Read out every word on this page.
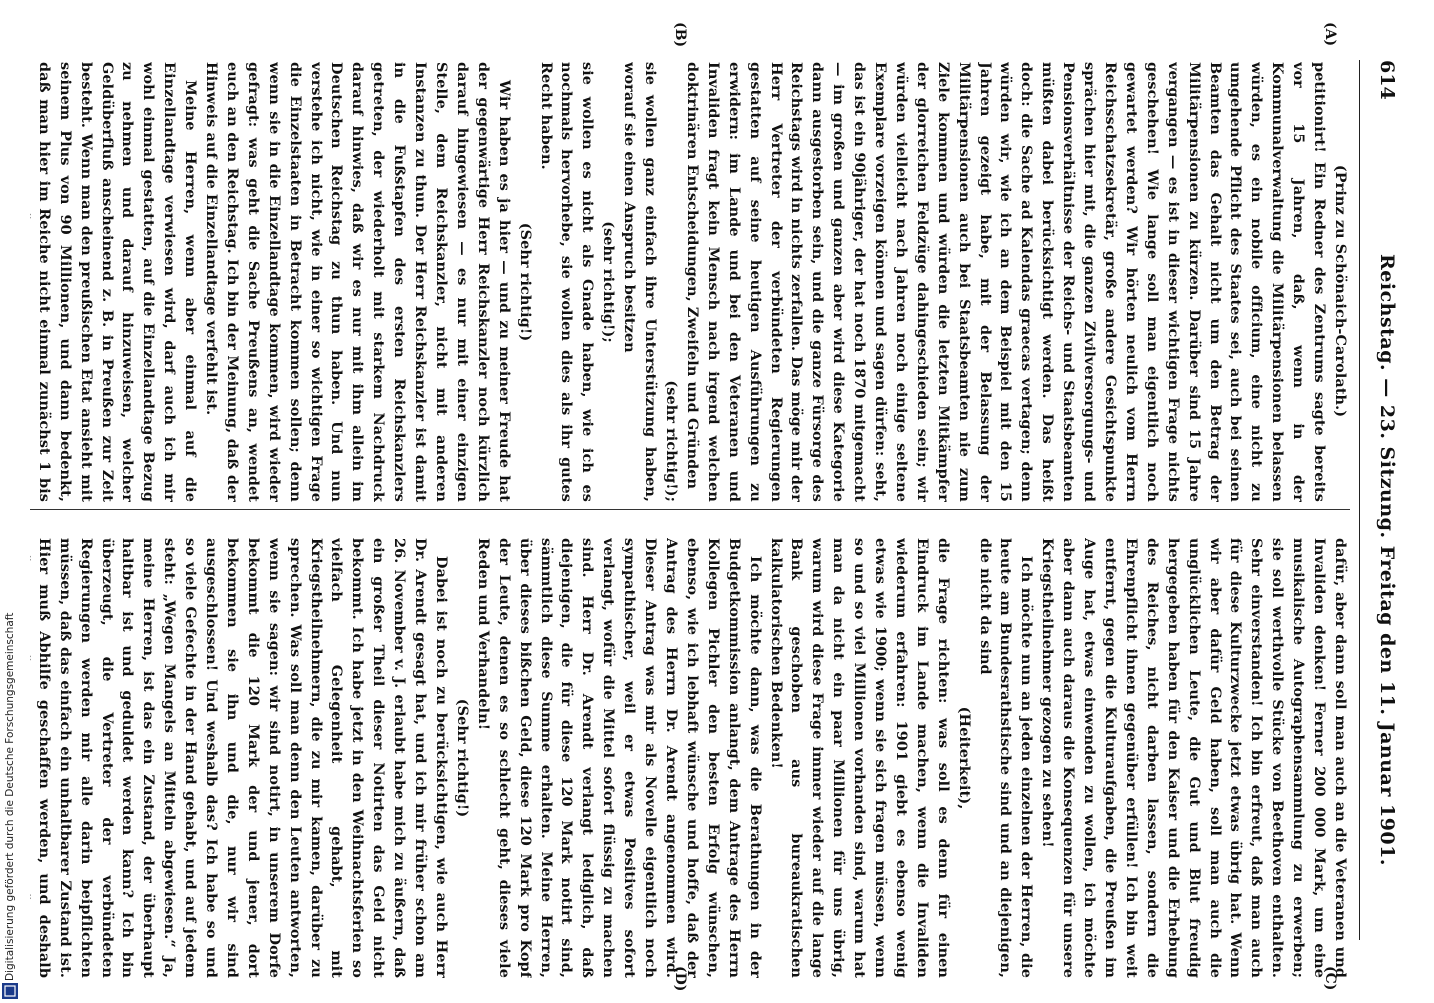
614
Reichstag. — 23. Sitzung. Freitag den 11. Januar 1901.
(A)
(B)
(C)
(D)

(Prinz zu Schönaich-Carolath.)

petitionirt! Ein Redner des Zentrums sagte bereits vor 15 Jahren, daß, wenn in der Kommunalverwaltung die Militärpensionen belassen würden, es ein nobile officium, eine nicht zu umgehende Pflicht des Staates sei, auch bei seinen Beamten das Gehalt nicht um den Betrag der Militärpensionen zu kürzen. Darüber sind 15 Jahre vergangen — es ist in dieser wichtigen Frage nichts geschehen! Wie lange soll man eigentlich noch gewartet werden? Wir hörten neulich vom Herrn Reichsschatzsekretär, große andere Gesichtspunkte sprächen hier mit, die ganzen Zivilversorgungs- und Pensionsverhältnisse der Reichs- und Staatsbeamten müßten dabei berücksichtigt werden. Das heißt doch: die Sache ad Kalendas graecas vertagen; denn würden wir, wie ich an dem Beispiel mit den 15 Jahren gezeigt habe, mit der Belassung der Militärpensionen auch bei Staatsbeamten nie zum Ziele kommen und würden die letzten Mitkämpfer der glorreichen Feldzüge dahingeschieden sein; wir würden vielleicht nach Jahren noch einige seltene Exemplare vorzeigen können und sagen dürfen: seht, das ist ein 90jähriger, der hat noch 1870 mitgemacht — im großen und ganzen aber wird diese Kategorie dann ausgestorben sein, und die ganze Fürsorge des Reichstags wird in nichts zerfallen. Das möge mir der Herr Vertreter der verbündeten Regierungen gestatten auf seine heutigen Ausführungen zu erwidern: im Lande und bei den Veteranen und Invaliden fragt kein Mensch nach irgend welchen doktrinären Entscheidungen, Zweifeln und Gründen

(sehr richtig!);

sie wollen ganz einfach ihre Unterstützung haben, worauf sie einen Anspruch besitzen

(sehr richtig!);

sie wollen es nicht als Gnade haben, wie ich es nochmals hervorhebe, sie wollen dies als ihr gutes Recht haben.

(Sehr richtig!)

Wir haben es ja hier — und zu meiner Freude hat der gegenwärtige Herr Reichskanzler noch kürzlich darauf hingewiesen — es nur mit einer einzigen Stelle, dem Reichskanzler, nicht mit anderen Instanzen zu thun. Der Herr Reichskanzler ist damit in die Fußstapfen des ersten Reichskanzlers getreten, der wiederholt mit starkem Nachdruck darauf hinwies, daß wir es nur mit ihm allein im Deutschen Reichstag zu thun haben. Und nun verstehe ich nicht, wie in einer so wichtigen Frage die Einzelstaaten in Betracht kommen sollen; denn wenn sie in die Einzellandtage kommen, wird wieder gefragt: was geht die Sache Preußens an, wendet euch an den Reichstag. Ich bin der Meinung, daß der Hinweis auf die Einzellandtage verfehlt ist.

Meine Herren, wenn aber einmal auf die Einzellandtage verwiesen wird, darf auch ich mir wohl einmal gestatten, auf die Einzellandtage Bezug zu nehmen und darauf hinzuweisen, welcher Geldüberfluß anscheinend z. B. in Preußen zur Zeit besteht. Wenn man den preußischen Etat ansieht mit seinem Plus von 90 Millionen, und dann bedenkt, daß man hier im Reiche nicht einmal zunächst 1 bis

dafür, aber dann soll man auch an die Veteranen und Invaliden denken! Ferner 200 000 Mark, um eine musikalische Autographensammlung zu erwerben; sie soll werthvolle Stücke von Beethoven enthalten. Sehr einverstanden! Ich bin erfreut, daß man auch für diese Kulturzwecke jetzt etwas übrig hat. Wenn wir aber dafür Geld haben, soll man auch die unglücklichen Leute, die Gut und Blut freudig hergegeben haben für den Kaiser und die Erhebung des Reiches, nicht darben lassen, sondern die Ehrenpflicht ihnen gegenüber erfüllen! Ich bin weit entfernt, gegen die Kulturaufgaben, die Preußen im Auge hat, etwas einwenden zu wollen, ich möchte aber dann auch daraus die Konsequenzen für unsere Kriegstheilnehmer gezogen zu sehen!

Ich möchte nun an jeden einzelnen der Herren, die heute am Bundesrathstische sind und an diejenigen, die nicht da sind

(Heiterkeit),

die Frage richten: was soll es denn für einen Eindruck im Lande machen, wenn die Invaliden wiederum erfahren: 1901 giebt es ebenso wenig etwas wie 1900; wenn sie sich fragen müssen, wenn so und so viel Millionen vorhanden sind, warum hat man da nicht ein paar Millionen für uns übrig, warum wird diese Frage immer wieder auf die lange Bank geschoben aus bureaukratischen kalkulatorischen Bedenken!

Ich möchte dann, was die Berathungen in der Budgetkommission anlangt, dem Antrage des Herrn Kollegen Pichler den besten Erfolg wünschen, ebenso, wie ich lebhaft wünsche und hoffe, daß der Antrag des Herrn Dr. Arendt angenommen wird. Dieser Antrag was mir als Novelle eigentlich noch sympathischer, weil er etwas Positives sofort verlangt, wofür die Mittel sofort flüssig zu machen sind. Herr Dr. Arendt verlangt lediglich, daß diejenigen, die für diese 120 Mark notirt sind, sämmtlich diese Summe erhalten. Meine Herren, über dieses bißchen Geld, diese 120 Mark pro Kopf der Leute, denen es so schlecht geht, dieses viele Reden und Verhandeln!

(Sehr richtig!)

Dabei ist noch zu berücksichtigen, wie auch Herr Dr. Arendt gesagt hat, und ich mir früher schon am 26. November v. J. erlaubt habe mich zu äußern, daß ein großer Theil dieser Notirten das Geld nicht bekommt. Ich habe jetzt in den Weihnachtsferien so vielfach Gelegenheit gehabt, mit Kriegstheilnehmern, die zu mir kamen, darüber zu sprechen. Was soll man denn den Leuten antworten, wenn sie sagen: wir sind notirt, in unserem Dorfe bekommt die 120 Mark der und jener, dort bekommen sie ihn und die, nur wir sind ausgeschlossen! Und weshalb das? Ich habe so und so viele Gefechte in der Hand gehabt, und auf jedem steht: „Wegen Mangels an Mitteln abgewiesen.“ Ja, meine Herren, ist das ein Zustand, der überhaupt haltbar ist und geduldet werden kann? Ich bin überzeugt, die Vertreter der verbündeten Regierungen werden mir alle darin beipflichten müssen, daß das einfach ein unhaltbarer Zustand ist. Hier muß Abhilfe geschaffen werden, und deshalb

Digitalisierung gefördert durch die Deutsche Forschungsgemeinschaft
